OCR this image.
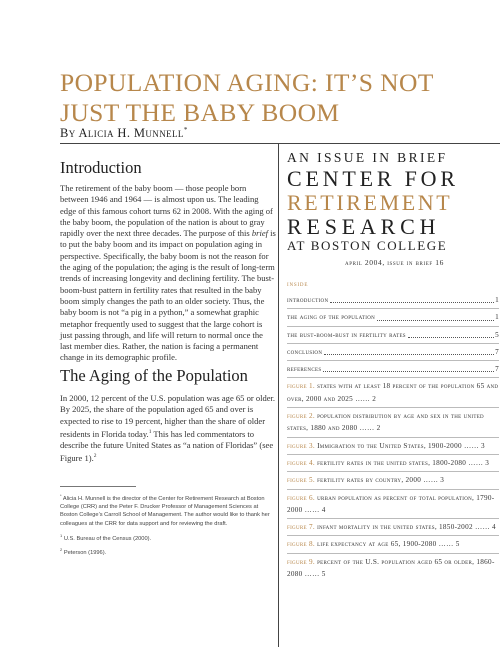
POPULATION AGING: IT’S NOT JUST THE BABY BOOM
By Alicia H. Munnell*
Introduction

The retirement of the baby boom — those people born between 1946 and 1964 — is almost upon us. The leading edge of this famous cohort turns 62 in 2008. With the aging of the baby boom, the population of the nation is about to gray rapidly over the next three decades. The purpose of this brief is to put the baby boom and its impact on population aging in perspective. Specifically, the baby boom is not the reason for the aging of the population; the aging is the result of long-term trends of increasing longevity and declining fertility. The bust-boom-bust pattern in fertility rates that resulted in the baby boom simply changes the path to an older society. Thus, the baby boom is not “a pig in a python,” a somewhat graphic metaphor frequently used to suggest that the large cohort is just passing through, and life will return to normal once the last member dies. Rather, the nation is facing a permanent change in its demographic profile.

The Aging of the Population

In 2000, 12 percent of the U.S. population was age 65 or older. By 2025, the share of the population aged 65 and over is expected to rise to 19 percent, higher than the share of older residents in Florida today.$^1$ This has led commentators to describe the future United States as “a nation of Floridas” (see Figure 1).$^2$

* Alicia H. Munnell is the director of the Center for Retirement Research at Boston College (CRR) and the Peter F. Drucker Professor of Management Sciences at Boston College’s Carroll School of Management. The author would like to thank her colleagues at the CRR for data support and for reviewing the draft.

$^1$ U.S. Bureau of the Census (2000).

$^2$ Peterson (1996).

AN ISSUE IN BRIEF
CENTER FOR
RETIREMENT
RESEARCH
AT BOSTON COLLEGE
april 2004, issue in brief 16
inside
introduction	1
the aging of the population	1
the bust-boom-bust in fertility rates	5
conclusion	7
references	7
figure 1. states with at least 18 percent of the population 65 and over, 2000 and 2025 …… 2
figure 2. population distribution by age and sex in the united states, 1880 and 2080 …… 2
figure 3. Immigration to the United States, 1900-2000 …… 3
figure 4. fertility rates in the united states, 1800-2080 …… 3
figure 5. fertility rates by country, 2000 …… 3
figure 6. urban population as percent of total population, 1790-2000 …… 4
figure 7. infant mortality in the united states, 1850-2002 …… 4
figure 8. life expectancy at age 65, 1900-2080 …… 5
figure 9. percent of the U.S. population aged 65 or older, 1860-2080 …… 5
